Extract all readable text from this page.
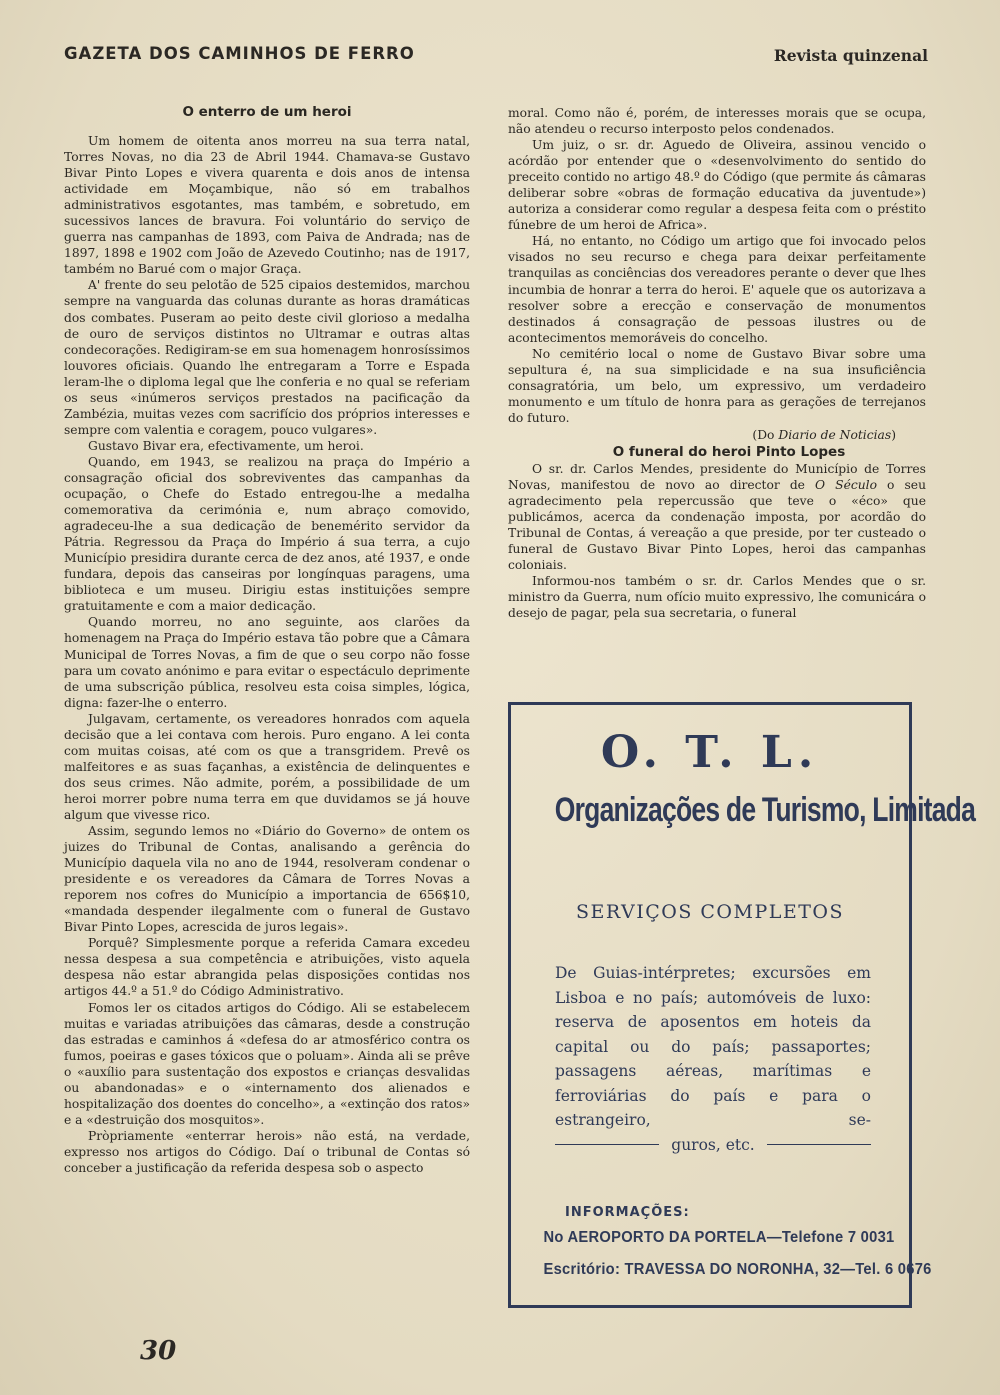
GAZETA DOS CAMINHOS DE FERRO	Revista quinzenal

O enterro de um heroi

Um homem de oitenta anos morreu na sua terra natal, Torres Novas, no dia 23 de Abril 1944. Chamava-se Gustavo Bivar Pinto Lopes e vivera quarenta e dois anos de intensa actividade em Moçambique, não só em trabalhos administrativos esgotantes, mas também, e sobretudo, em sucessivos lances de bravura. Foi voluntário do serviço de guerra nas campanhas de 1893, com Paiva de Andrada; nas de 1897, 1898 e 1902 com João de Azevedo Coutinho; nas de 1917, também no Barué com o major Graça.

A' frente do seu pelotão de 525 cipaios destemidos, marchou sempre na vanguarda das colunas durante as horas dramáticas dos combates. Puseram ao peito deste civil glorioso a medalha de ouro de serviços distintos no Ultramar e outras altas condecorações. Redigiram-se em sua homenagem honrosíssimos louvores oficiais. Quando lhe entregaram a Torre e Espada leram-lhe o diploma legal que lhe conferia e no qual se referiam os seus «inúmeros serviços prestados na pacificação da Zambézia, muitas vezes com sacrifício dos próprios interesses e sempre com valentia e coragem, pouco vulgares».

Gustavo Bivar era, efectivamente, um heroi.

Quando, em 1943, se realizou na praça do Império a consagração oficial dos sobreviventes das campanhas da ocupação, o Chefe do Estado entregou-lhe a medalha comemorativa da cerimónia e, num abraço comovido, agradeceu-lhe a sua dedicação de benemérito servidor da Pátria. Regressou da Praça do Império á sua terra, a cujo Município presidira durante cerca de dez anos, até 1937, e onde fundara, depois das canseiras por longínquas paragens, uma biblioteca e um museu. Dirigiu estas instituições sempre gratuitamente e com a maior dedicação.

Quando morreu, no ano seguinte, aos clarões da homenagem na Praça do Império estava tão pobre que a Câmara Municipal de Torres Novas, a fim de que o seu corpo não fosse para um covato anónimo e para evitar o espectáculo deprimente de uma subscrição pública, resolveu esta coisa simples, lógica, digna: fazer-lhe o enterro.

Julgavam, certamente, os vereadores honrados com aquela decisão que a lei contava com herois. Puro engano. A lei conta com muitas coisas, até com os que a transgridem. Prevê os malfeitores e as suas façanhas, a existência de delinquentes e dos seus crimes. Não admite, porém, a possibilidade de um heroi morrer pobre numa terra em que duvidamos se já houve algum que vivesse rico.

Assim, segundo lemos no «Diário do Governo» de ontem os juizes do Tribunal de Contas, analisando a gerência do Município daquela vila no ano de 1944, resolveram condenar o presidente e os vereadores da Câmara de Torres Novas a reporem nos cofres do Município a importancia de 656$10, «mandada despender ilegalmente com o funeral de Gustavo Bivar Pinto Lopes, acrescida de juros legais».

Porquê? Simplesmente porque a referida Camara excedeu nessa despesa a sua competência e atribuições, visto aquela despesa não estar abrangida pelas disposições contidas nos artigos 44.º a 51.º do Código Administrativo.

Fomos ler os citados artigos do Código. Ali se estabelecem muitas e variadas atribuições das câmaras, desde a construção das estradas e caminhos á «defesa do ar atmosférico contra os fumos, poeiras e gases tóxicos que o poluam». Ainda ali se prêve o «auxílio para sustentação dos expostos e crianças desvalidas ou abandonadas» e o «internamento dos alienados e hospitalização dos doentes do concelho», a «extinção dos ratos» e a «destruição dos mosquitos».

Pròpriamente «enterrar herois» não está, na verdade, expresso nos artigos do Código. Daí o tribunal de Contas só conceber a justificação da referida despesa sob o aspecto

moral. Como não é, porém, de interesses morais que se ocupa, não atendeu o recurso interposto pelos condenados.

Um juiz, o sr. dr. Aguedo de Oliveira, assinou vencido o acórdão por entender que o «desenvolvimento do sentido do preceito contido no artigo 48.º do Código (que permite ás câmaras deliberar sobre «obras de formação educativa da juventude») autoriza a considerar como regular a despesa feita com o préstito fúnebre de um heroi de Africa».

Há, no entanto, no Código um artigo que foi invocado pelos visados no seu recurso e chega para deixar perfeitamente tranquilas as conciências dos vereadores perante o dever que lhes incumbia de honrar a terra do heroi. E' aquele que os autorizava a resolver sobre a erecção e conservação de monumentos destinados á consagração de pessoas ilustres ou de acontecimentos memoráveis do concelho.

No cemitério local o nome de Gustavo Bivar sobre uma sepultura é, na sua simplicidade e na sua insuficiência consagratória, um belo, um expressivo, um verdadeiro monumento e um título de honra para as gerações de terrejanos do futuro.

(Do Diario de Noticias)

O funeral do heroi Pinto Lopes

O sr. dr. Carlos Mendes, presidente do Município de Torres Novas, manifestou de novo ao director de O Século o seu agradecimento pela repercussão que teve o «éco» que publicámos, acerca da condenação imposta, por acordão do Tribunal de Contas, á vereação a que preside, por ter custeado o funeral de Gustavo Bivar Pinto Lopes, heroi das campanhas coloniais.

Informou-nos também o sr. dr. Carlos Mendes que o sr. ministro da Guerra, num ofício muito expressivo, lhe comunicára o desejo de pagar, pela sua secretaria, o funeral

O. T. L.
Organizações de Turismo, Limitada
SERVIÇOS COMPLETOS
De Guias-intérpretes; excursões em Lisboa e no país; automóveis de luxo: reserva de aposentos em hoteis da capital ou do país; passaportes; passagens aéreas, marítimas e ferroviárias do país e para o estrangeiro, se-
guros, etc.
INFORMAÇÕES:
No AEROPORTO DA PORTELA—Telefone 7 0031
Escritório: TRAVESSA DO NORONHA, 32—Tel. 6 0676
30
